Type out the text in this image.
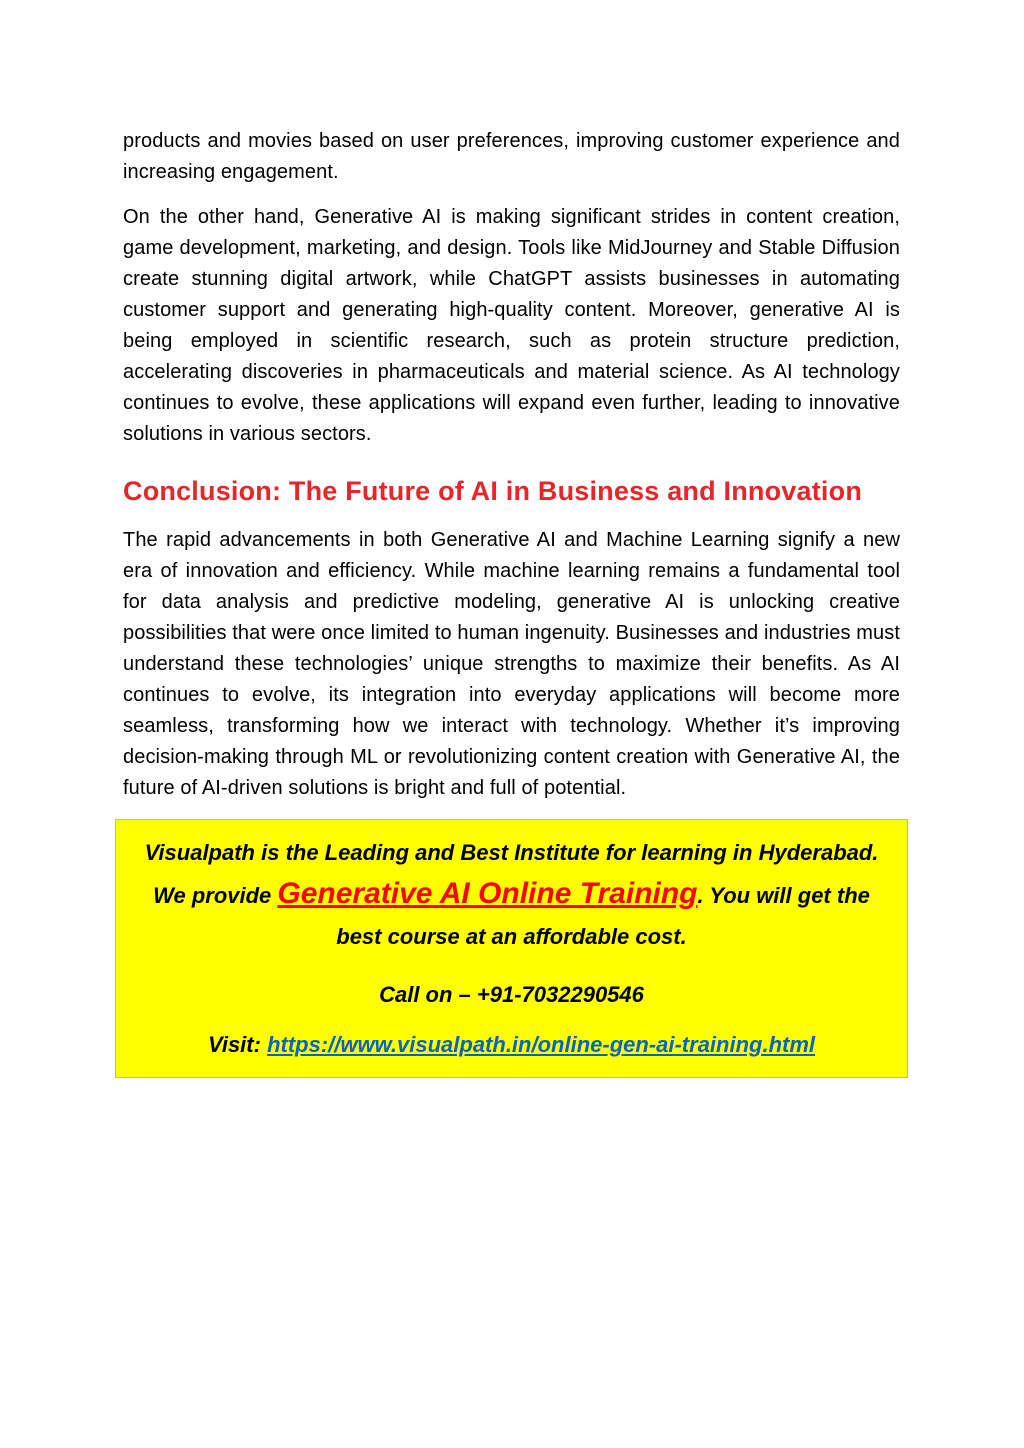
products and movies based on user preferences, improving customer experience and increasing engagement.

On the other hand, Generative AI is making significant strides in content creation, game development, marketing, and design. Tools like MidJourney and Stable Diffusion create stunning digital artwork, while ChatGPT assists businesses in automating customer support and generating high-quality content. Moreover, generative AI is being employed in scientific research, such as protein structure prediction, accelerating discoveries in pharmaceuticals and material science. As AI technology continues to evolve, these applications will expand even further, leading to innovative solutions in various sectors.

Conclusion: The Future of AI in Business and Innovation

The rapid advancements in both Generative AI and Machine Learning signify a new era of innovation and efficiency. While machine learning remains a fundamental tool for data analysis and predictive modeling, generative AI is unlocking creative possibilities that were once limited to human ingenuity. Businesses and industries must understand these technologies’ unique strengths to maximize their benefits. As AI continues to evolve, its integration into everyday applications will become more seamless, transforming how we interact with technology. Whether it’s improving decision-making through ML or revolutionizing content creation with Generative AI, the future of AI-driven solutions is bright and full of potential.

Visualpath is the Leading and Best Institute for learning in Hyderabad. We provide Generative AI Online Training. You will get the best course at an affordable cost.

Call on – +91-7032290546

Visit: https://www.visualpath.in/online-gen-ai-training.html
